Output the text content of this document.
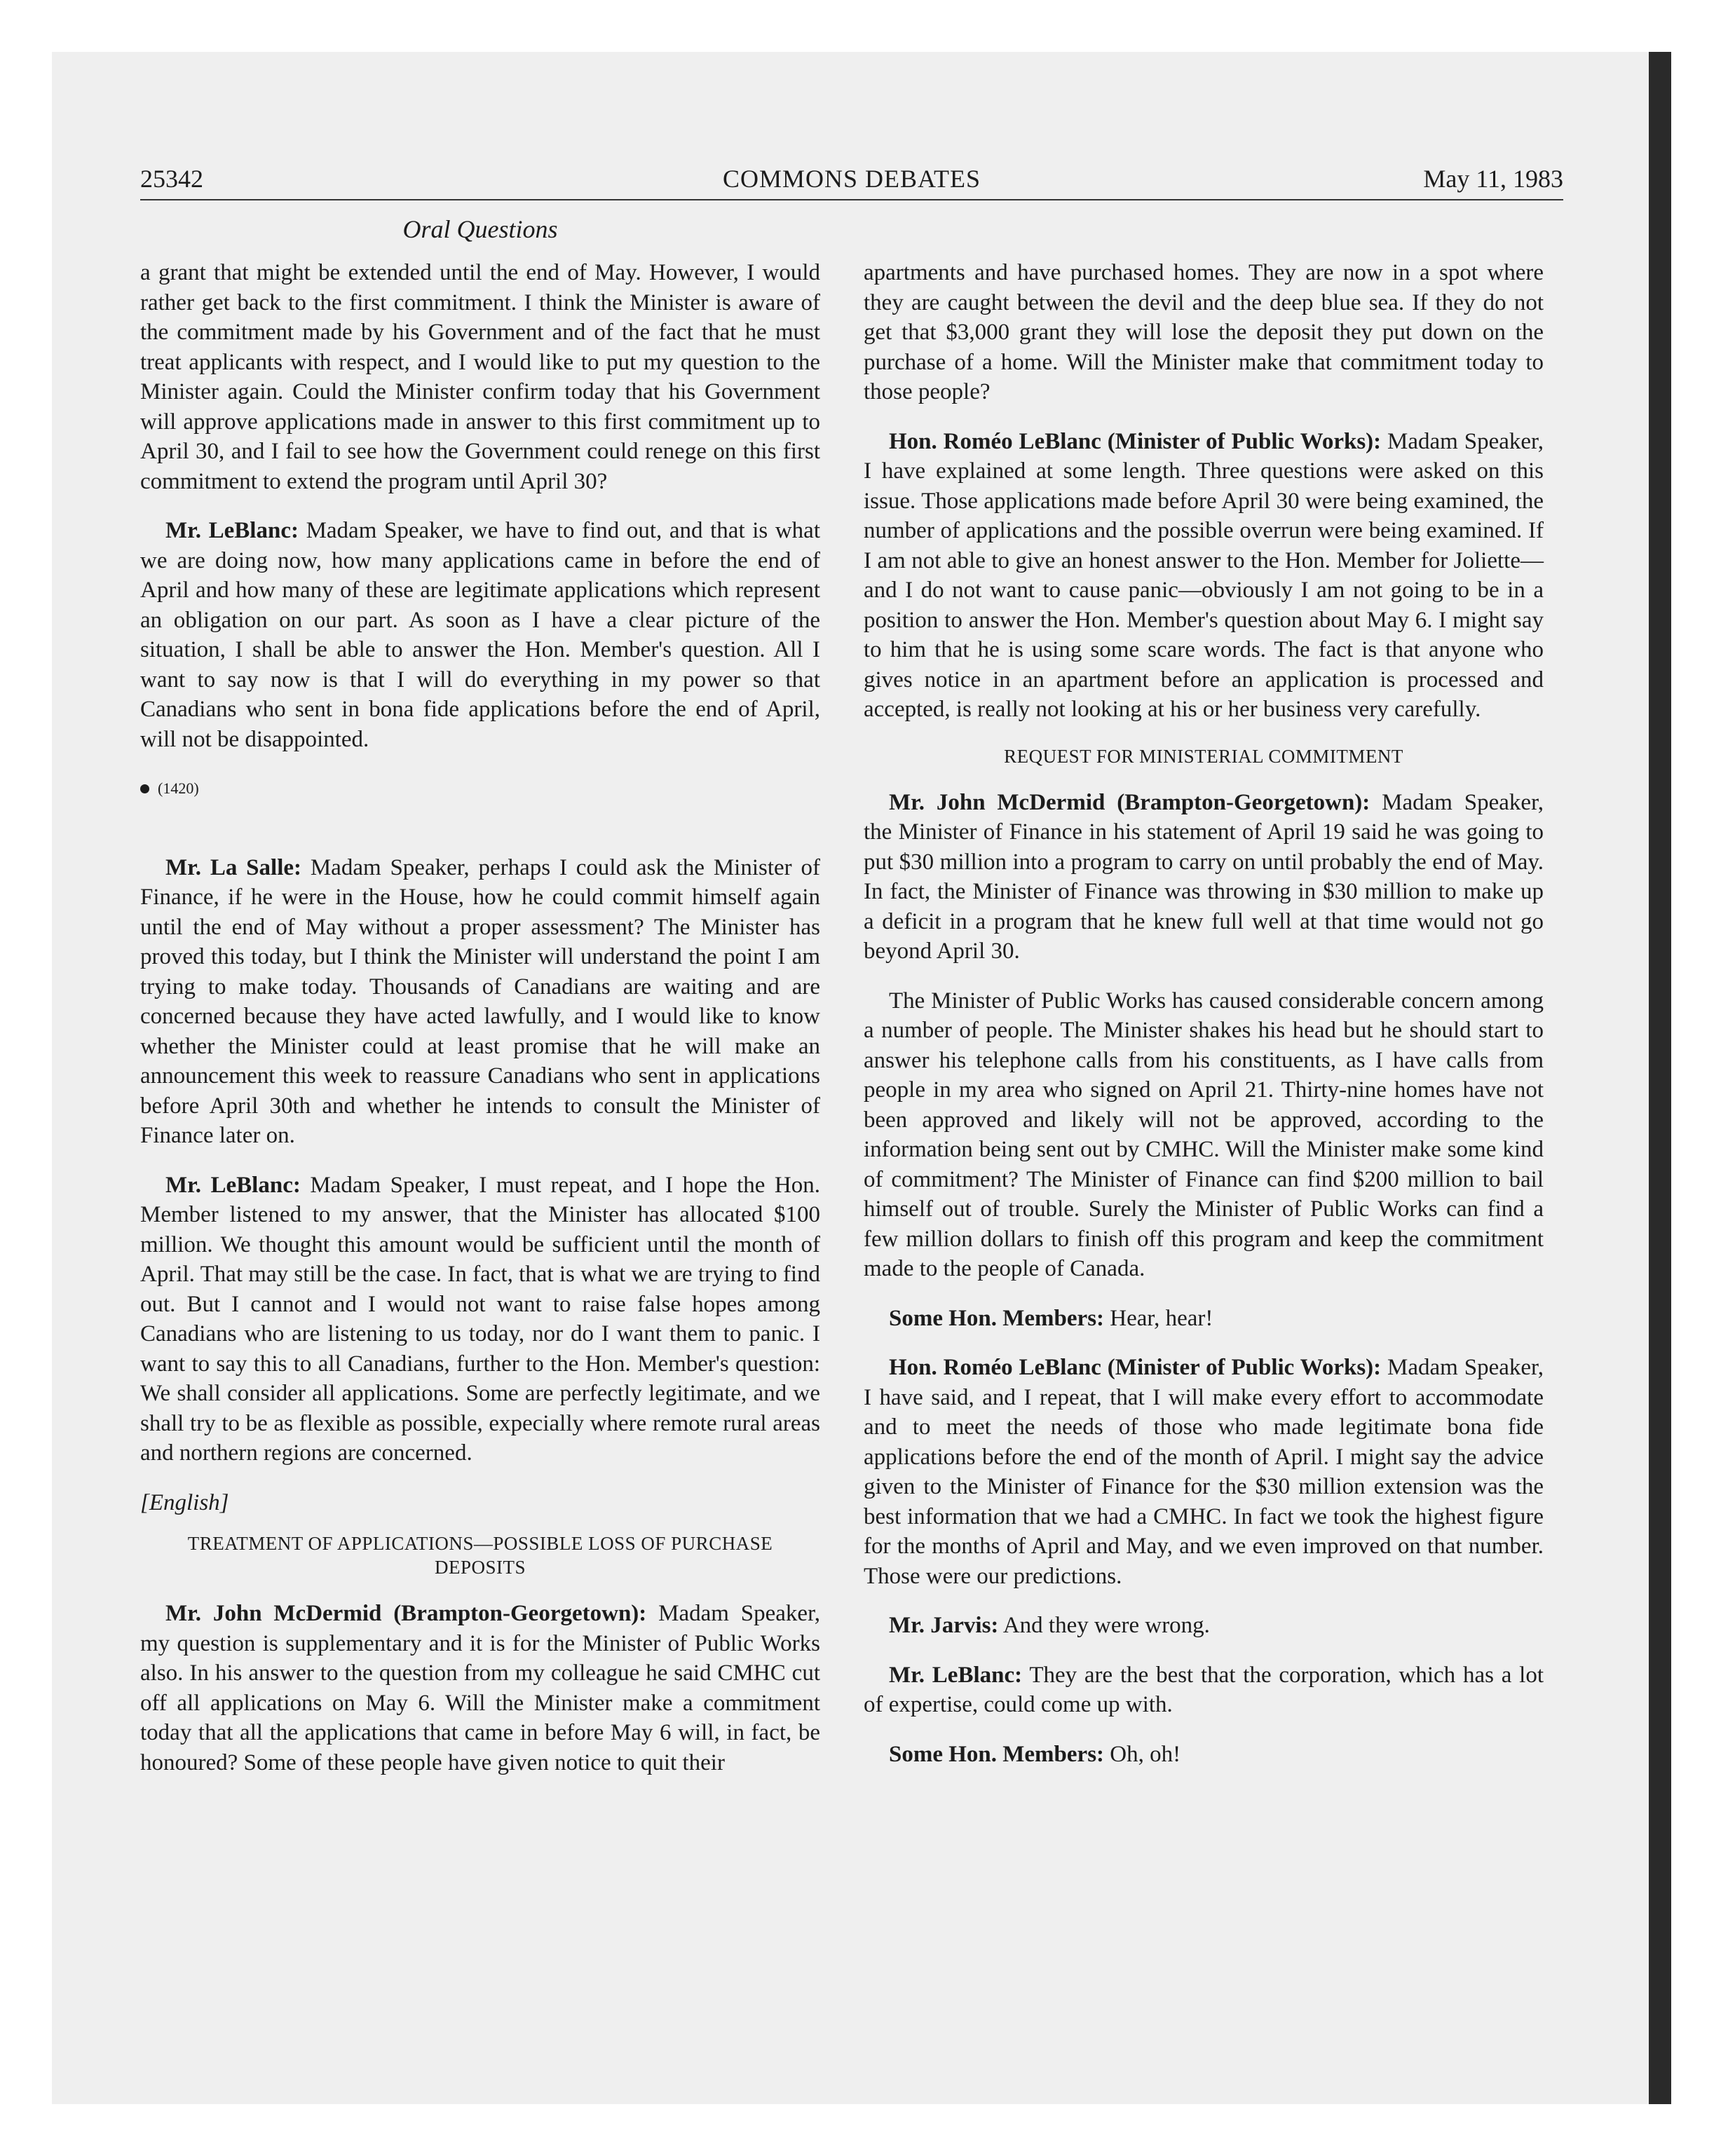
25342	COMMONS DEBATES	May 11, 1983
Oral Questions

a grant that might be extended until the end of May. However, I would rather get back to the first commitment. I think the Minister is aware of the commitment made by his Government and of the fact that he must treat applicants with respect, and I would like to put my question to the Minister again. Could the Minister confirm today that his Government will approve applications made in answer to this first commitment up to April 30, and I fail to see how the Government could renege on this first commitment to extend the program until April 30?

Mr. LeBlanc: Madam Speaker, we have to find out, and that is what we are doing now, how many applications came in before the end of April and how many of these are legitimate applications which represent an obligation on our part. As soon as I have a clear picture of the situation, I shall be able to answer the Hon. Member's question. All I want to say now is that I will do everything in my power so that Canadians who sent in bona fide applications before the end of April, will not be disappointed.

(1420)

Mr. La Salle: Madam Speaker, perhaps I could ask the Minister of Finance, if he were in the House, how he could commit himself again until the end of May without a proper assessment? The Minister has proved this today, but I think the Minister will understand the point I am trying to make today. Thousands of Canadians are waiting and are concerned because they have acted lawfully, and I would like to know whether the Minister could at least promise that he will make an announcement this week to reassure Canadians who sent in applications before April 30th and whether he intends to consult the Minister of Finance later on.

Mr. LeBlanc: Madam Speaker, I must repeat, and I hope the Hon. Member listened to my answer, that the Minister has allocated $100 million. We thought this amount would be sufficient until the month of April. That may still be the case. In fact, that is what we are trying to find out. But I cannot and I would not want to raise false hopes among Canadians who are listening to us today, nor do I want them to panic. I want to say this to all Canadians, further to the Hon. Member's question: We shall consider all applications. Some are perfectly legitimate, and we shall try to be as flexible as possible, expecially where remote rural areas and northern regions are concerned.

[English]
TREATMENT OF APPLICATIONS—POSSIBLE LOSS OF PURCHASE DEPOSITS

Mr. John McDermid (Brampton-Georgetown): Madam Speaker, my question is supplementary and it is for the Minister of Public Works also. In his answer to the question from my colleague he said CMHC cut off all applications on May 6. Will the Minister make a commitment today that all the applications that came in before May 6 will, in fact, be honoured? Some of these people have given notice to quit their

apartments and have purchased homes. They are now in a spot where they are caught between the devil and the deep blue sea. If they do not get that $3,000 grant they will lose the deposit they put down on the purchase of a home. Will the Minister make that commitment today to those people?

Hon. Roméo LeBlanc (Minister of Public Works): Madam Speaker, I have explained at some length. Three questions were asked on this issue. Those applications made before April 30 were being examined, the number of applications and the possible overrun were being examined. If I am not able to give an honest answer to the Hon. Member for Joliette—and I do not want to cause panic—obviously I am not going to be in a position to answer the Hon. Member's question about May 6. I might say to him that he is using some scare words. The fact is that anyone who gives notice in an apartment before an application is processed and accepted, is really not looking at his or her business very carefully.

REQUEST FOR MINISTERIAL COMMITMENT

Mr. John McDermid (Brampton-Georgetown): Madam Speaker, the Minister of Finance in his statement of April 19 said he was going to put $30 million into a program to carry on until probably the end of May. In fact, the Minister of Finance was throwing in $30 million to make up a deficit in a program that he knew full well at that time would not go beyond April 30.

The Minister of Public Works has caused considerable concern among a number of people. The Minister shakes his head but he should start to answer his telephone calls from his constituents, as I have calls from people in my area who signed on April 21. Thirty-nine homes have not been approved and likely will not be approved, according to the information being sent out by CMHC. Will the Minister make some kind of commitment? The Minister of Finance can find $200 million to bail himself out of trouble. Surely the Minister of Public Works can find a few million dollars to finish off this program and keep the commitment made to the people of Canada.

Some Hon. Members: Hear, hear!

Hon. Roméo LeBlanc (Minister of Public Works): Madam Speaker, I have said, and I repeat, that I will make every effort to accommodate and to meet the needs of those who made legitimate bona fide applications before the end of the month of April. I might say the advice given to the Minister of Finance for the $30 million extension was the best information that we had a CMHC. In fact we took the highest figure for the months of April and May, and we even improved on that number. Those were our predictions.

Mr. Jarvis: And they were wrong.

Mr. LeBlanc: They are the best that the corporation, which has a lot of expertise, could come up with.

Some Hon. Members: Oh, oh!
